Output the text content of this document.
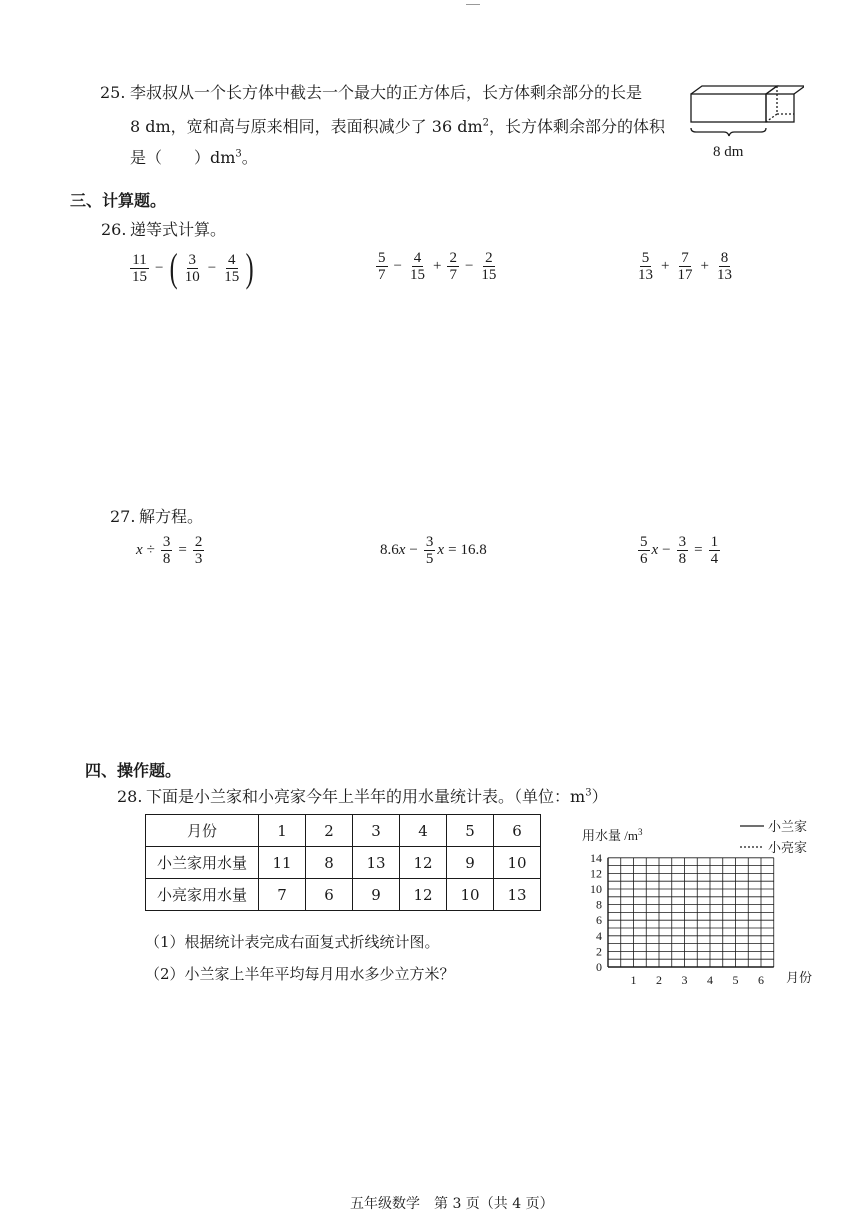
25. 李叔叔从一个长方体中截去一个最大的正方体后，长方体剩余部分的长是
8 dm，宽和高与原来相同，表面积减少了 36 $dm^2$，长方体剩余部分的体积
是（　　）$dm^3$。	8 dm
三、计算题。
26. 递等式计算。
$\frac{11}{15}$ − ( $\frac{3}{10} - \frac{4}{15}$ )	$\frac{5}{7} - \frac{4}{15} + \frac{2}{7} - \frac{2}{15}$	$\frac{5}{13} + \frac{7}{17} + \frac{8}{13}$
27. 解方程。
$x \div \frac{3}{8} = \frac{2}{3}$	8.6 $x - \frac{3}{5}$ x = 16.8	$\frac{5}{6}$ $x - \frac{3}{8} = \frac{1}{4}$
四、操作题。
28. 下面是小兰家和小亮家今年上半年的用水量统计表。（单位：$m^3$）
月份	1	2	3	4	5	6
小兰家用水量	11	8	13	12	9	10
小亮家用水量	7	6	9	12	10	13
（1）根据统计表完成右面复式折线统计图。
（2）小兰家上半年平均每月用水多少立方米？
用水量 $/m^3$	小兰家
小亮家
0
2
4
6
8
10
12
14
1 2 3 4 5 6 月份
五年级数学　第 3 页（共 4 页）
